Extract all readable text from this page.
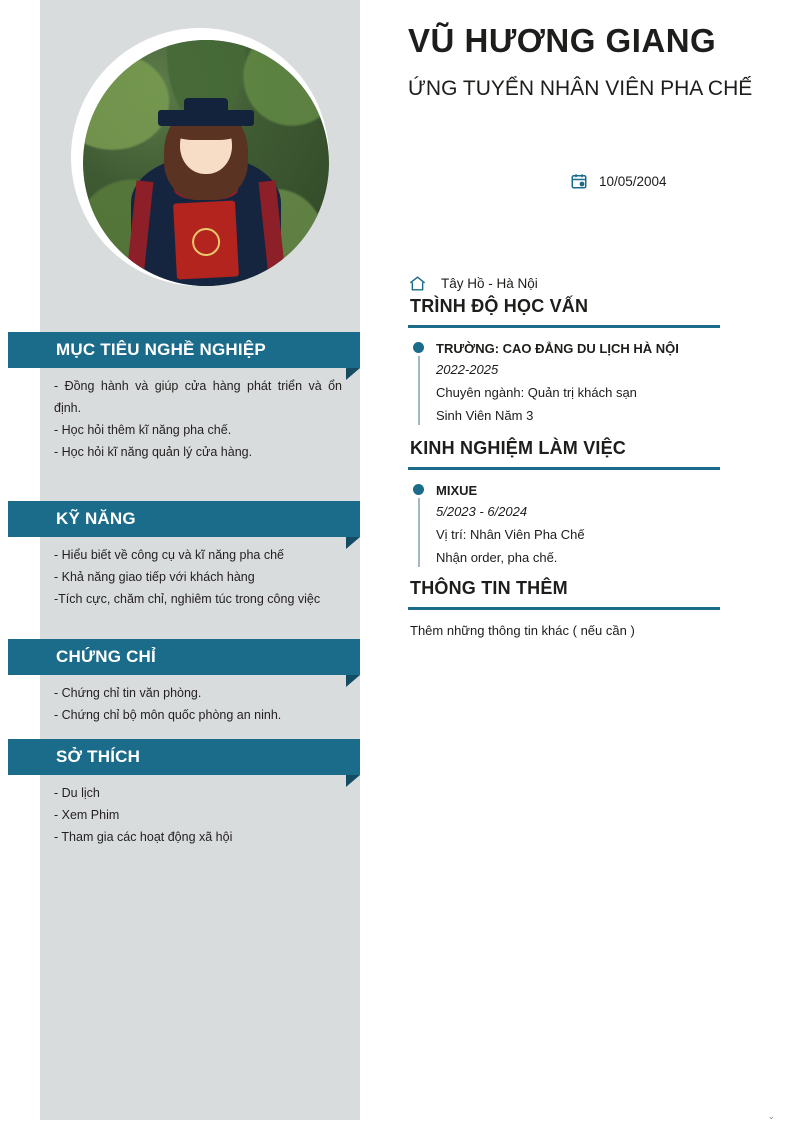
MỤC TIÊU NGHỀ NGHIỆP
- Đồng hành và giúp cửa hàng phát triển và ổn định.
- Học hỏi thêm kĩ năng pha chế.
- Học hỏi kĩ năng quản lý cửa hàng.
KỸ NĂNG
- Hiểu biết về công cụ và kĩ năng pha chế
- Khả năng giao tiếp với khách hàng
-Tích cực, chăm chỉ, nghiêm túc trong công việc
CHỨNG CHỈ
- Chứng chỉ tin văn phòng.
- Chứng chỉ bộ môn quốc phòng an ninh.
SỞ THÍCH
- Du lịch
- Xem Phim
- Tham gia các hoạt động xã hội
VŨ HƯƠNG GIANG
ỨNG TUYỂN NHÂN VIÊN PHA CHẾ
10/05/2004
Tây Hồ - Hà Nội
TRÌNH ĐỘ HỌC VẤN
TRƯỜNG: CAO ĐẲNG DU LỊCH HÀ NỘI
2022-2025
Chuyên ngành: Quản trị khách sạn
Sinh Viên Năm 3
KINH NGHIỆM LÀM VIỆC
MIXUE
5/2023 - 6/2024
Vị trí: Nhân Viên Pha Chế
Nhận order, pha chế.
THÔNG TIN THÊM
Thêm những thông tin khác ( nếu cần )
⌄
